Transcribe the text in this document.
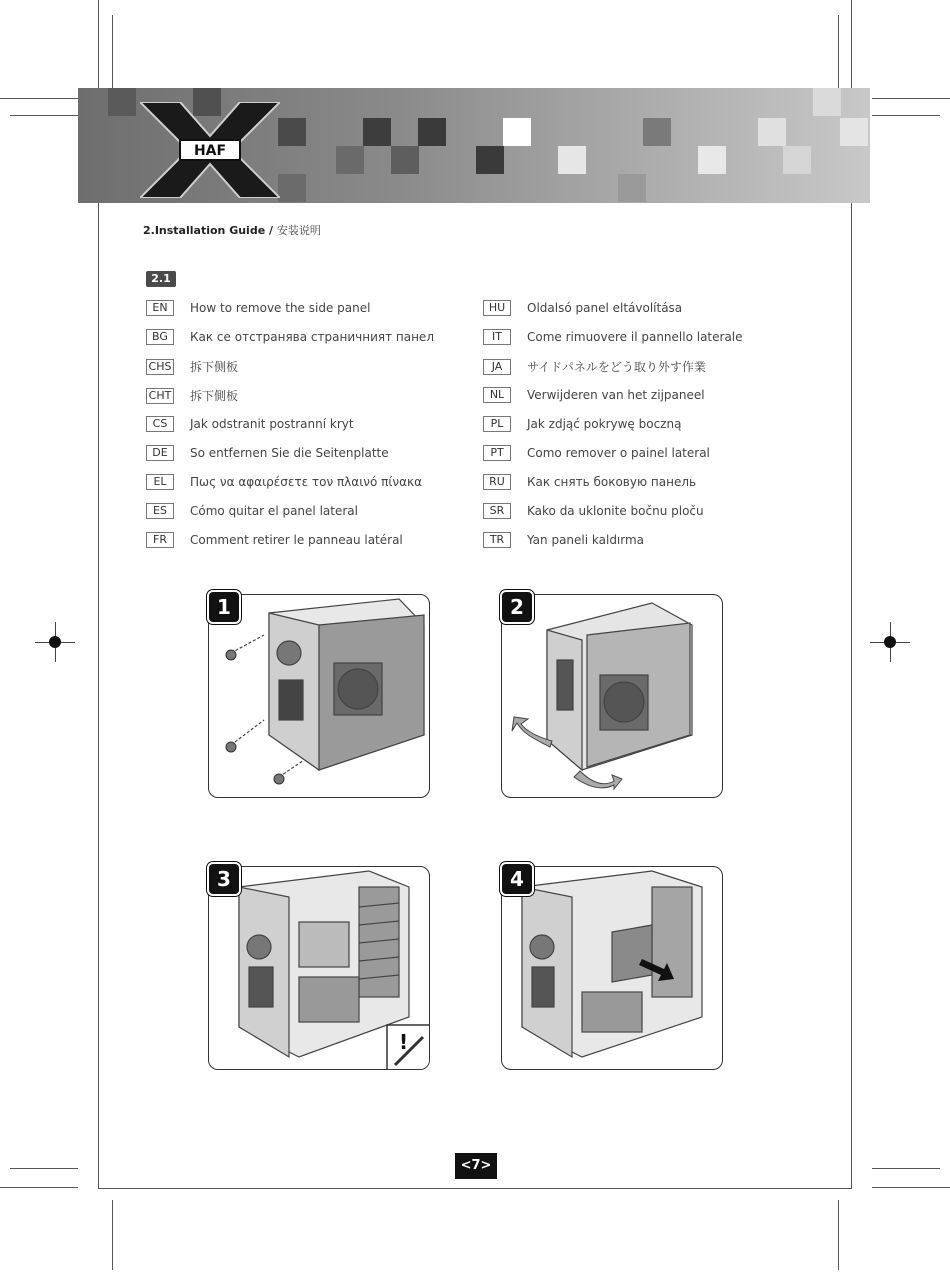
HAF
2.Installation Guide / 安装说明
2.1
EN How to remove the side panel
BG Как се отстранява страничният панел
CHS 拆下侧板
CHT 拆下側板
CS Jak odstranit postranní kryt
DE So entfernen Sie die Seitenplatte
EL Πως να αφαιρέσετε τον πλαινό πίνακα
ES Cómo quitar el panel lateral
FR Comment retirer le panneau latéral
HU Oldalsó panel eltávolítása
IT Come rimuovere il pannello laterale
JA サイドパネルをどう取り外す作業
NL Verwijderen van het zijpaneel
PL Jak zdjąć pokrywę boczną
PT Como remover o painel lateral
RU Как снять боковую панель
SR Kako da uklonite bočnu ploču
TR Yan paneli kaldırma
1	2
!
3	4
<7>
